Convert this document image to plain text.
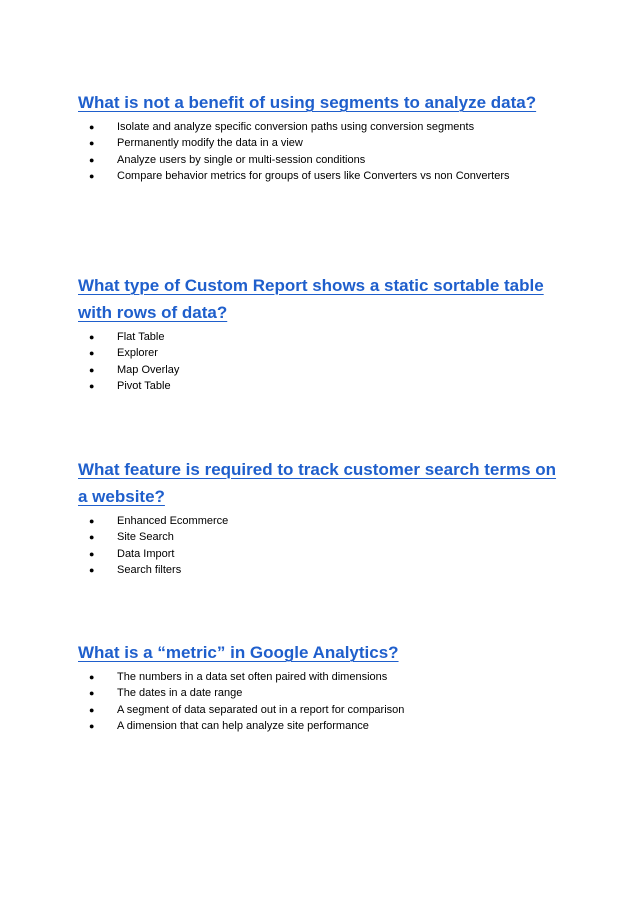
What is not a benefit of using segments to analyze data?
● Isolate and analyze specific conversion paths using conversion segments
● Permanently modify the data in a view
● Analyze users by single or multi-session conditions
● Compare behavior metrics for groups of users like Converters vs non Converters
What type of Custom Report shows a static sortable table with rows of data?
● Flat Table
● Explorer
● Map Overlay
● Pivot Table
What feature is required to track customer search terms on a website?
● Enhanced Ecommerce
● Site Search
● Data Import
● Search filters
What is a “metric” in Google Analytics?
● The numbers in a data set often paired with dimensions
● The dates in a date range
● A segment of data separated out in a report for comparison
● A dimension that can help analyze site performance
